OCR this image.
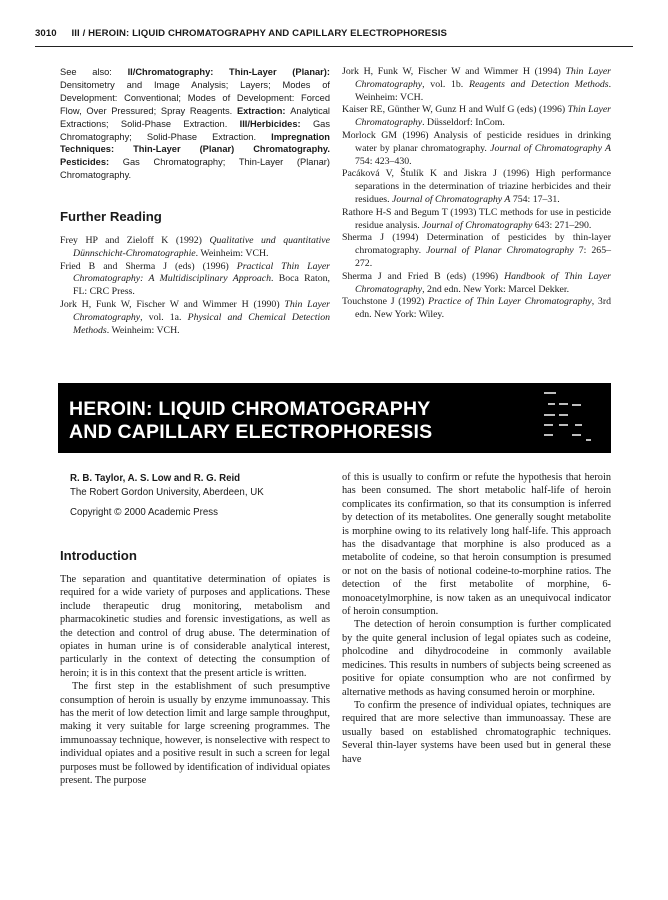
3010 III / HEROIN: LIQUID CHROMATOGRAPHY AND CAPILLARY ELECTROPHORESIS
See also: II/Chromatography: Thin-Layer (Planar): Densitometry and Image Analysis; Layers; Modes of Development: Conventional; Modes of Development: Forced Flow, Over Pressured; Spray Reagents. Extraction: Analytical Extractions; Solid-Phase Extraction. III/Herbicides: Gas Chromatography; Solid-Phase Extraction. Impregnation Techniques: Thin-Layer (Planar) Chromatography. Pesticides: Gas Chromatography; Thin-Layer (Planar) Chromatography.
Further Reading

Frey HP and Zieloff K (1992) Qualitative und quantitative Dünnschicht-Chromatographie. Weinheim: VCH.

Fried B and Sherma J (eds) (1996) Practical Thin Layer Chromatography: A Multidisciplinary Approach. Boca Raton, FL: CRC Press.

Jork H, Funk W, Fischer W and Wimmer H (1990) Thin Layer Chromatography, vol. 1a. Physical and Chemical Detection Methods. Weinheim: VCH.

Jork H, Funk W, Fischer W and Wimmer H (1994) Thin Layer Chromatography, vol. 1b. Reagents and Detection Methods. Weinheim: VCH.

Kaiser RE, Günther W, Gunz H and Wulf G (eds) (1996) Thin Layer Chromatography. Düsseldorf: InCom.

Morlock GM (1996) Analysis of pesticide residues in drinking water by planar chromatography. Journal of Chromatography A 754: 423–430.

Pacáková V, Štulík K and Jiskra J (1996) High performance separations in the determination of triazine herbicides and their residues. Journal of Chromatography A 754: 17–31.

Rathore H-S and Begum T (1993) TLC methods for use in pesticide residue analysis. Journal of Chromatography 643: 271–290.

Sherma J (1994) Determination of pesticides by thin-layer chromatography. Journal of Planar Chromatography 7: 265–272.

Sherma J and Fried B (eds) (1996) Handbook of Thin Layer Chromatography, 2nd edn. New York: Marcel Dekker.

Touchstone J (1992) Practice of Thin Layer Chromatography, 3rd edn. New York: Wiley.

HEROIN: LIQUID CHROMATOGRAPHY
AND CAPILLARY ELECTROPHORESIS
R. B. Taylor, A. S. Low and R. G. Reid
The Robert Gordon University, Aberdeen, UK
Copyright © 2000 Academic Press
Introduction

The separation and quantitative determination of opiates is required for a wide variety of purposes and applications. These include therapeutic drug monitoring, metabolism and pharmacokinetic studies and forensic investigations, as well as the detection and control of drug abuse. The determination of opiates in human urine is of considerable analytical interest, particularly in the context of detecting the consumption of heroin; it is in this context that the present article is written.

The first step in the establishment of such presumptive consumption of heroin is usually by enzyme immunoassay. This has the merit of low detection limit and large sample throughput, making it very suitable for large screening programmes. The immunoassay technique, however, is nonselective with respect to individual opiates and a positive result in such a screen for legal purposes must be followed by identification of individual opiates present. The purpose

of this is usually to confirm or refute the hypothesis that heroin has been consumed. The short metabolic half-life of heroin complicates its confirmation, so that its consumption is inferred by detection of its metabolites. One generally sought metabolite is morphine owing to its relatively long half-life. This approach has the disadvantage that morphine is also produced as a metabolite of codeine, so that heroin consumption is presumed or not on the basis of notional codeine-to-morphine ratios. The detection of the first metabolite of morphine, 6-monoacetylmorphine, is now taken as an unequivocal indicator of heroin consumption.

The detection of heroin consumption is further complicated by the quite general inclusion of legal opiates such as codeine, pholcodine and dihydrocodeine in commonly available medicines. This results in numbers of subjects being screened as positive for opiate consumption who are not confirmed by alternative methods as having consumed heroin or morphine.

To confirm the presence of individual opiates, techniques are required that are more selective than immunoassay. These are usually based on established chromatographic techniques. Several thin-layer systems have been used but in general these have
